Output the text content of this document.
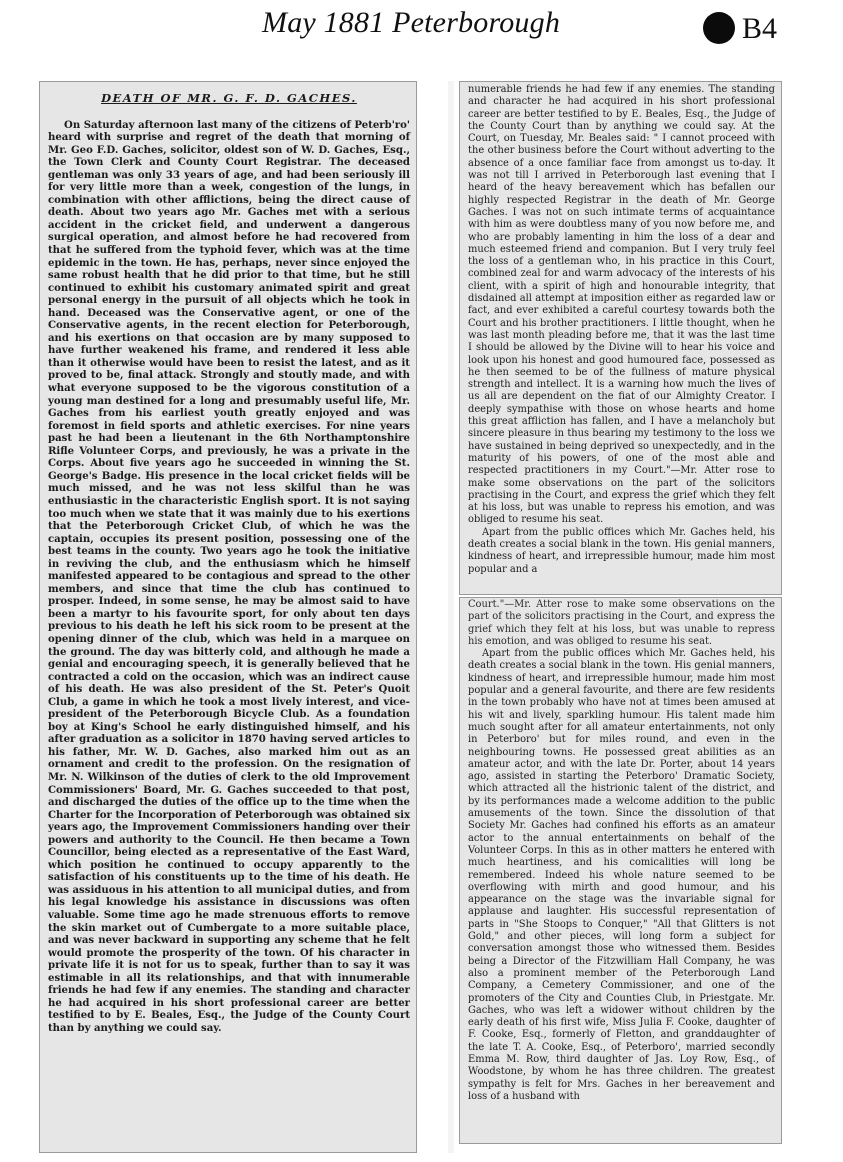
May 1881 Peterborough	B4
DEATH OF MR. G. F. D. GACHES.

On Saturday afternoon last many of the citizens of Peterb'ro' heard with surprise and regret of the death that morning of Mr. Geo F.D. Gaches, solicitor, oldest son of W. D. Gaches, Esq., the Town Clerk and County Court Registrar. The deceased gentleman was only 33 years of age, and had been seriously ill for very little more than a week, congestion of the lungs, in combination with other afflictions, being the direct cause of death. About two years ago Mr. Gaches met with a serious accident in the cricket field, and underwent a dangerous surgical operation, and almost before he had recovered from that he suffered from the typhoid fever, which was at the time epidemic in the town. He has, perhaps, never since enjoyed the same robust health that he did prior to that time, but he still continued to exhibit his customary animated spirit and great personal energy in the pursuit of all objects which he took in hand. Deceased was the Conservative agent, or one of the Conservative agents, in the recent election for Peterborough, and his exertions on that occasion are by many supposed to have further weakened his frame, and rendered it less able than it otherwise would have been to resist the latest, and as it proved to be, final attack. Strongly and stoutly made, and with what everyone supposed to be the vigorous constitution of a young man destined for a long and presumably useful life, Mr. Gaches from his earliest youth greatly enjoyed and was foremost in field sports and athletic exercises. For nine years past he had been a lieutenant in the 6th Northamptonshire Rifle Volunteer Corps, and previously, he was a private in the Corps. About five years ago he succeeded in winning the St. George's Badge. His presence in the local cricket fields will be much missed, and he was not less skilful than he was enthusiastic in the characteristic English sport. It is not saying too much when we state that it was mainly due to his exertions that the Peterborough Cricket Club, of which he was the captain, occupies its present position, possessing one of the best teams in the county. Two years ago he took the initiative in reviving the club, and the enthusiasm which he himself manifested appeared to be contagious and spread to the other members, and since that time the club has continued to prosper. Indeed, in some sense, he may be almost said to have been a martyr to his favourite sport, for only about ten days previous to his death he left his sick room to be present at the opening dinner of the club, which was held in a marquee on the ground. The day was bitterly cold, and although he made a genial and encouraging speech, it is generally believed that he contracted a cold on the occasion, which was an indirect cause of his death. He was also president of the St. Peter's Quoit Club, a game in which he took a most lively interest, and vice-president of the Peterborough Bicycle Club. As a foundation boy at King's School he early distinguished himself, and his after graduation as a solicitor in 1870 having served articles to his father, Mr. W. D. Gaches, also marked him out as an ornament and credit to the profession. On the resignation of Mr. N. Wilkinson of the duties of clerk to the old Improvement Commissioners' Board, Mr. G. Gaches succeeded to that post, and discharged the duties of the office up to the time when the Charter for the Incorporation of Peterborough was obtained six years ago, the Improvement Commissioners handing over their powers and authority to the Council. He then became a Town Councillor, being elected as a representative of the East Ward, which position he continued to occupy apparently to the satisfaction of his constituents up to the time of his death. He was assiduous in his attention to all municipal duties, and from his legal knowledge his assistance in discussions was often valuable. Some time ago he made strenuous efforts to remove the skin market out of Cumbergate to a more suitable place, and was never backward in supporting any scheme that he felt would promote the prosperity of the town. Of his character in private life it is not for us to speak, further than to say it was estimable in all its relationships, and that with innumerable friends he had few if any enemies. The standing and character he had acquired in his short professional career are better testified to by E. Beales, Esq., the Judge of the County Court than by anything we could say.

numerable friends he had few if any enemies. The standing and character he had acquired in his short professional career are better testified to by E. Beales, Esq., the Judge of the County Court than by anything we could say. At the Court, on Tuesday, Mr. Beales said: " I cannot proceed with the other business before the Court without adverting to the absence of a once familiar face from amongst us to-day. It was not till I arrived in Peterborough last evening that I heard of the heavy bereavement which has befallen our highly respected Registrar in the death of Mr. George Gaches. I was not on such intimate terms of acquaintance with him as were doubtless many of you now before me, and who are probably lamenting in him the loss of a dear and much esteemed friend and companion. But I very truly feel the loss of a gentleman who, in his practice in this Court, combined zeal for and warm advocacy of the interests of his client, with a spirit of high and honourable integrity, that disdained all attempt at imposition either as regarded law or fact, and ever exhibited a careful courtesy towards both the Court and his brother practitioners. I little thought, when he was last month pleading before me, that it was the last time I should be allowed by the Divine will to hear his voice and look upon his honest and good humoured face, possessed as he then seemed to be of the fullness of mature physical strength and intellect. It is a warning how much the lives of us all are dependent on the fiat of our Almighty Creator. I deeply sympathise with those on whose hearts and home this great affliction has fallen, and I have a melancholy but sincere pleasure in thus bearing my testimony to the loss we have sustained in being deprived so unexpectedly, and in the maturity of his powers, of one of the most able and respected practitioners in my Court."—Mr. Atter rose to make some observations on the part of the solicitors practising in the Court, and express the grief which they felt at his loss, but was unable to repress his emotion, and was obliged to resume his seat.

Apart from the public offices which Mr. Gaches held, his death creates a social blank in the town. His genial manners, kindness of heart, and irrepressible humour, made him most popular and a

Court."—Mr. Atter rose to make some observations on the part of the solicitors practising in the Court, and express the grief which they felt at his loss, but was unable to repress his emotion, and was obliged to resume his seat.

Apart from the public offices which Mr. Gaches held, his death creates a social blank in the town. His genial manners, kindness of heart, and irrepressible humour, made him most popular and a general favourite, and there are few residents in the town probably who have not at times been amused at his wit and lively, sparkling humour. His talent made him much sought after for all amateur entertainments, not only in Peterboro' but for miles round, and even in the neighbouring towns. He possessed great abilities as an amateur actor, and with the late Dr. Porter, about 14 years ago, assisted in starting the Peterboro' Dramatic Society, which attracted all the histrionic talent of the district, and by its performances made a welcome addition to the public amusements of the town. Since the dissolution of that Society Mr. Gaches had confined his efforts as an amateur actor to the annual entertainments on behalf of the Volunteer Corps. In this as in other matters he entered with much heartiness, and his comicalities will long be remembered. Indeed his whole nature seemed to be overflowing with mirth and good humour, and his appearance on the stage was the invariable signal for applause and laughter. His successful representation of parts in "She Stoops to Conquer," "All that Glitters is not Gold," and other pieces, will long form a subject for conversation amongst those who witnessed them. Besides being a Director of the Fitzwilliam Hall Company, he was also a prominent member of the Peterborough Land Company, a Cemetery Commissioner, and one of the promoters of the City and Counties Club, in Priestgate. Mr. Gaches, who was left a widower without children by the early death of his first wife, Miss Julia F. Cooke, daughter of F. Cooke, Esq., formerly of Fletton, and granddaughter of the late T. A. Cooke, Esq., of Peterboro', married secondly Emma M. Row, third daughter of Jas. Loy Row, Esq., of Woodstone, by whom he has three children. The greatest sympathy is felt for Mrs. Gaches in her bereavement and loss of a husband with
